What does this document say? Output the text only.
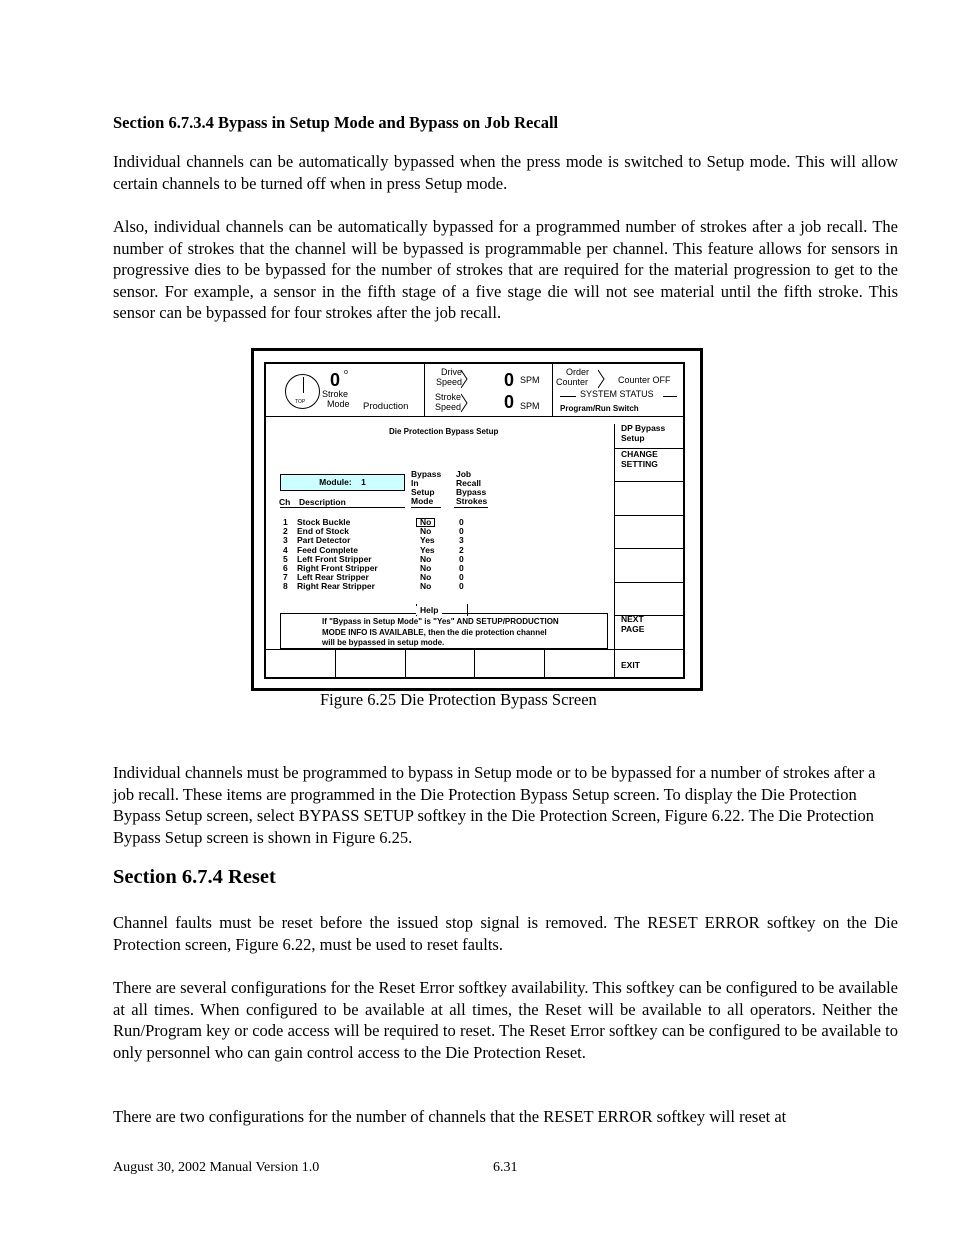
Section 6.7.3.4 Bypass in Setup Mode and Bypass on Job Recall

Individual channels can be automatically bypassed when the press mode is switched to Setup mode. This will allow certain channels to be turned off when in press Setup mode.

Also, individual channels can be automatically bypassed for a programmed number of strokes after a job recall. The number of strokes that the channel will be bypassed is programmable per channel. This feature allows for sensors in progressive dies to be bypassed for the number of strokes that are required for the material progression to get to the sensor. For example, a sensor in the fifth stage of a five stage die will not see material until the fifth stroke. This sensor can be bypassed for four strokes after the job recall.

TOP
0 o
Stroke
Mode Production
Drive
Speed
Stroke
Speed
0 SPM
0 SPM
Order
Counter	Counter OFF
SYSTEM STATUS
Program/Run Switch
Die Protection Bypass Setup
Module: 1
Ch Description
Bypass
In
Setup
Mode
Job
Recall
Bypass
Strokes
1
2
3
4
5
6
7
8
Stock Buckle
End of Stock
Part Detector
Feed Complete
Left Front Stripper
Right Front Stripper
Left Rear Stripper
Right Rear Stripper
No
No
Yes
Yes
No
No
No
No
0
0
3
2
0
0
0
0
Help
If "Bypass in Setup Mode" is "Yes" AND SETUP/PRODUCTION
MODE INFO IS AVAILABLE, then the die protection channel
will be bypassed in setup mode.
DP Bypass
Setup
CHANGE
SETTING
NEXT
PAGE
EXIT
Figure 6.25 Die Protection Bypass Screen

Individual channels must be programmed to bypass in Setup mode or to be bypassed for a number of strokes after a job recall. These items are programmed in the Die Protection Bypass Setup screen. To display the Die Protection Bypass Setup screen, select BYPASS SETUP softkey in the Die Protection Screen, Figure 6.22. The Die Protection Bypass Setup screen is shown in Figure 6.25.

Section 6.7.4 Reset

Channel faults must be reset before the issued stop signal is removed. The RESET ERROR softkey on the Die Protection screen, Figure 6.22, must be used to reset faults.

There are several configurations for the Reset Error softkey availability. This softkey can be configured to be available at all times. When configured to be available at all times, the Reset will be available to all operators. Neither the Run/Program key or code access will be required to reset. The Reset Error softkey can be configured to be available to only personnel who can gain control access to the Die Protection Reset.

There are two configurations for the number of channels that the RESET ERROR softkey will reset at

August 30, 2002 Manual Version 1.0	6.31
